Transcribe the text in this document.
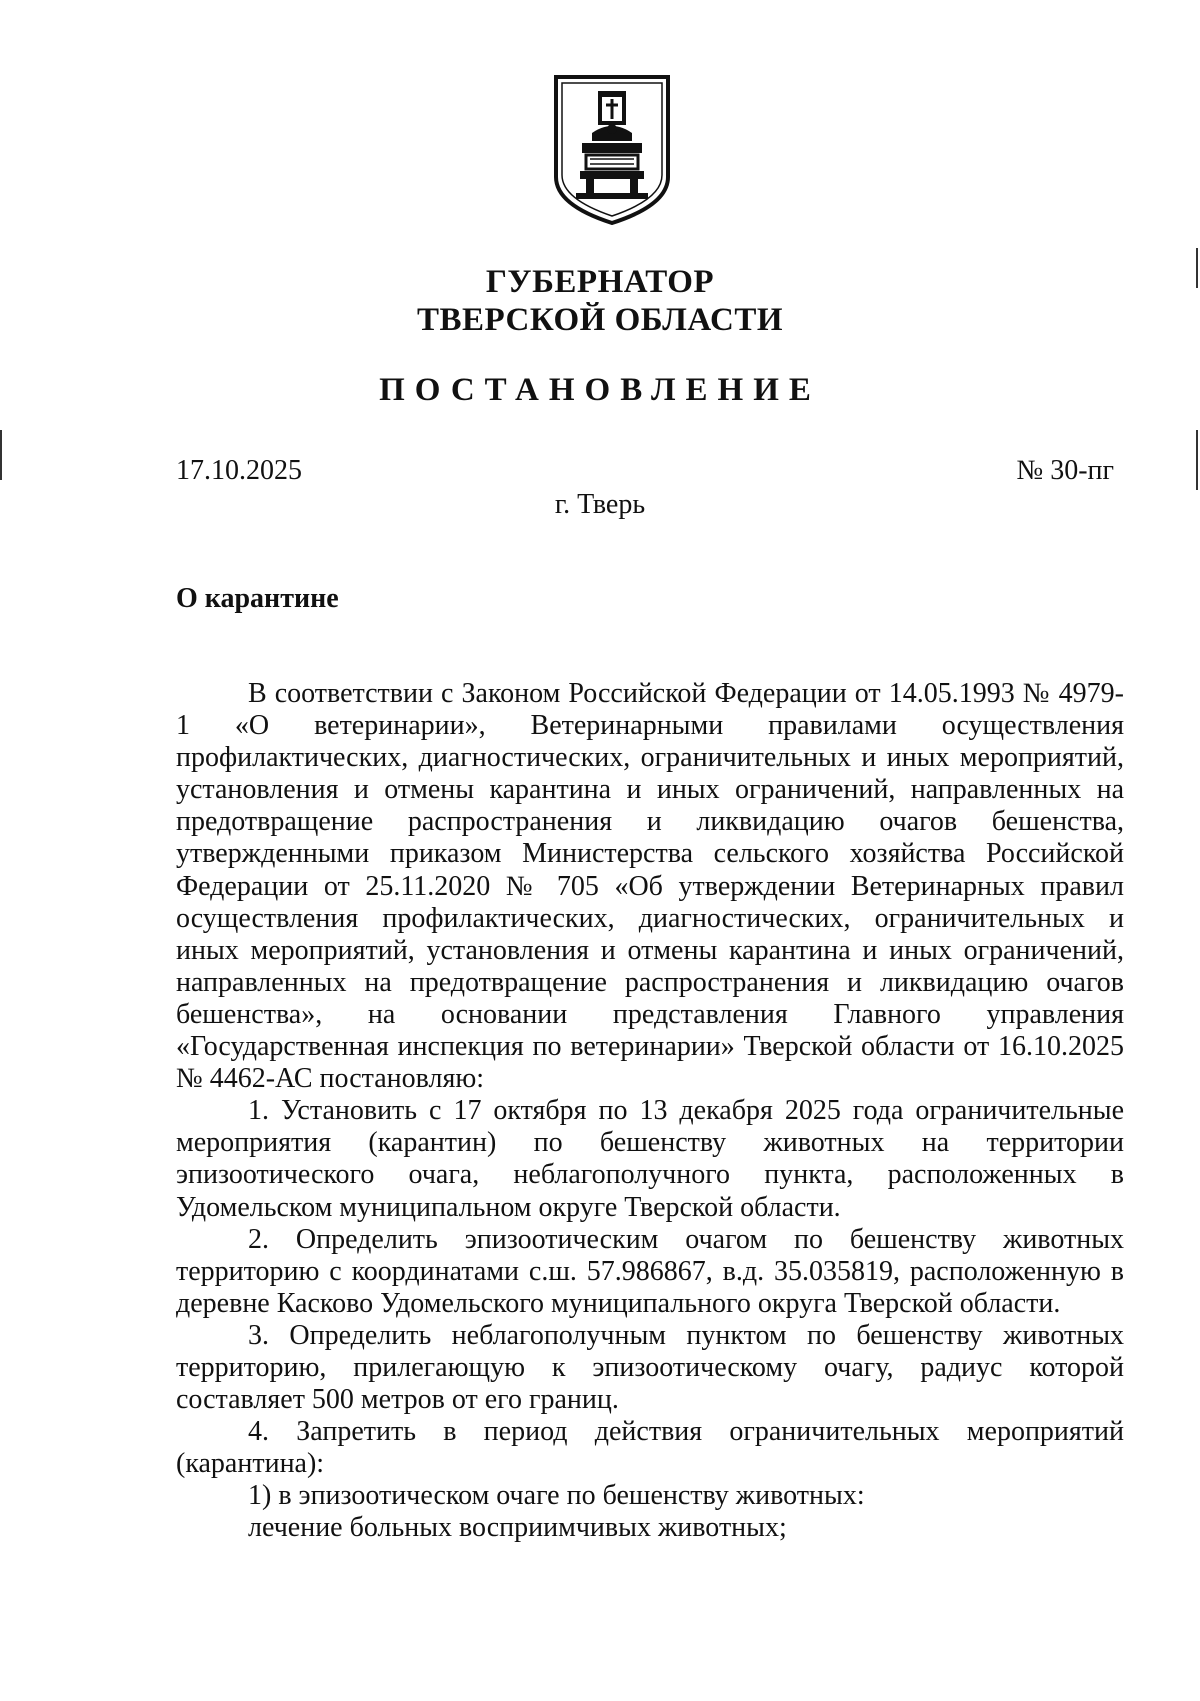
ГУБЕРНАТОР
ТВЕРСКОЙ ОБЛАСТИ
ПОСТАНОВЛЕНИЕ
17.10.2025	№ 30-пг
г. Тверь
О карантине

В соответствии с Законом Российской Федерации от 14.05.1993 № 4979-1 «О ветеринарии», Ветеринарными правилами осуществления профилактических, диагностических, ограничительных и иных мероприятий, установления и отмены карантина и иных ограничений, направленных на предотвращение распространения и ликвидацию очагов бешенства, утвержденными приказом Министерства сельского хозяйства Российской Федерации от 25.11.2020 № 705 «Об утверждении Ветеринарных правил осуществления профилактических, диагностических, ограничительных и иных мероприятий, установления и отмены карантина и иных ограничений, направленных на предотвращение распространения и ликвидацию очагов бешенства», на основании представления Главного управления «Государственная инспекция по ветеринарии» Тверской области от 16.10.2025 № 4462-АС постановляю:

1. Установить с 17 октября по 13 декабря 2025 года ограничительные мероприятия (карантин) по бешенству животных на территории эпизоотического очага, неблагополучного пункта, расположенных в Удомельском муниципальном округе Тверской области.

2. Определить эпизоотическим очагом по бешенству животных территорию с координатами с.ш. 57.986867, в.д. 35.035819, расположенную в деревне Касково Удомельского муниципального округа Тверской области.

3. Определить неблагополучным пунктом по бешенству животных территорию, прилегающую к эпизоотическому очагу, радиус которой составляет 500 метров от его границ.

4. Запретить в период действия ограничительных мероприятий (карантина):

1) в эпизоотическом очаге по бешенству животных:

лечение больных восприимчивых животных;
